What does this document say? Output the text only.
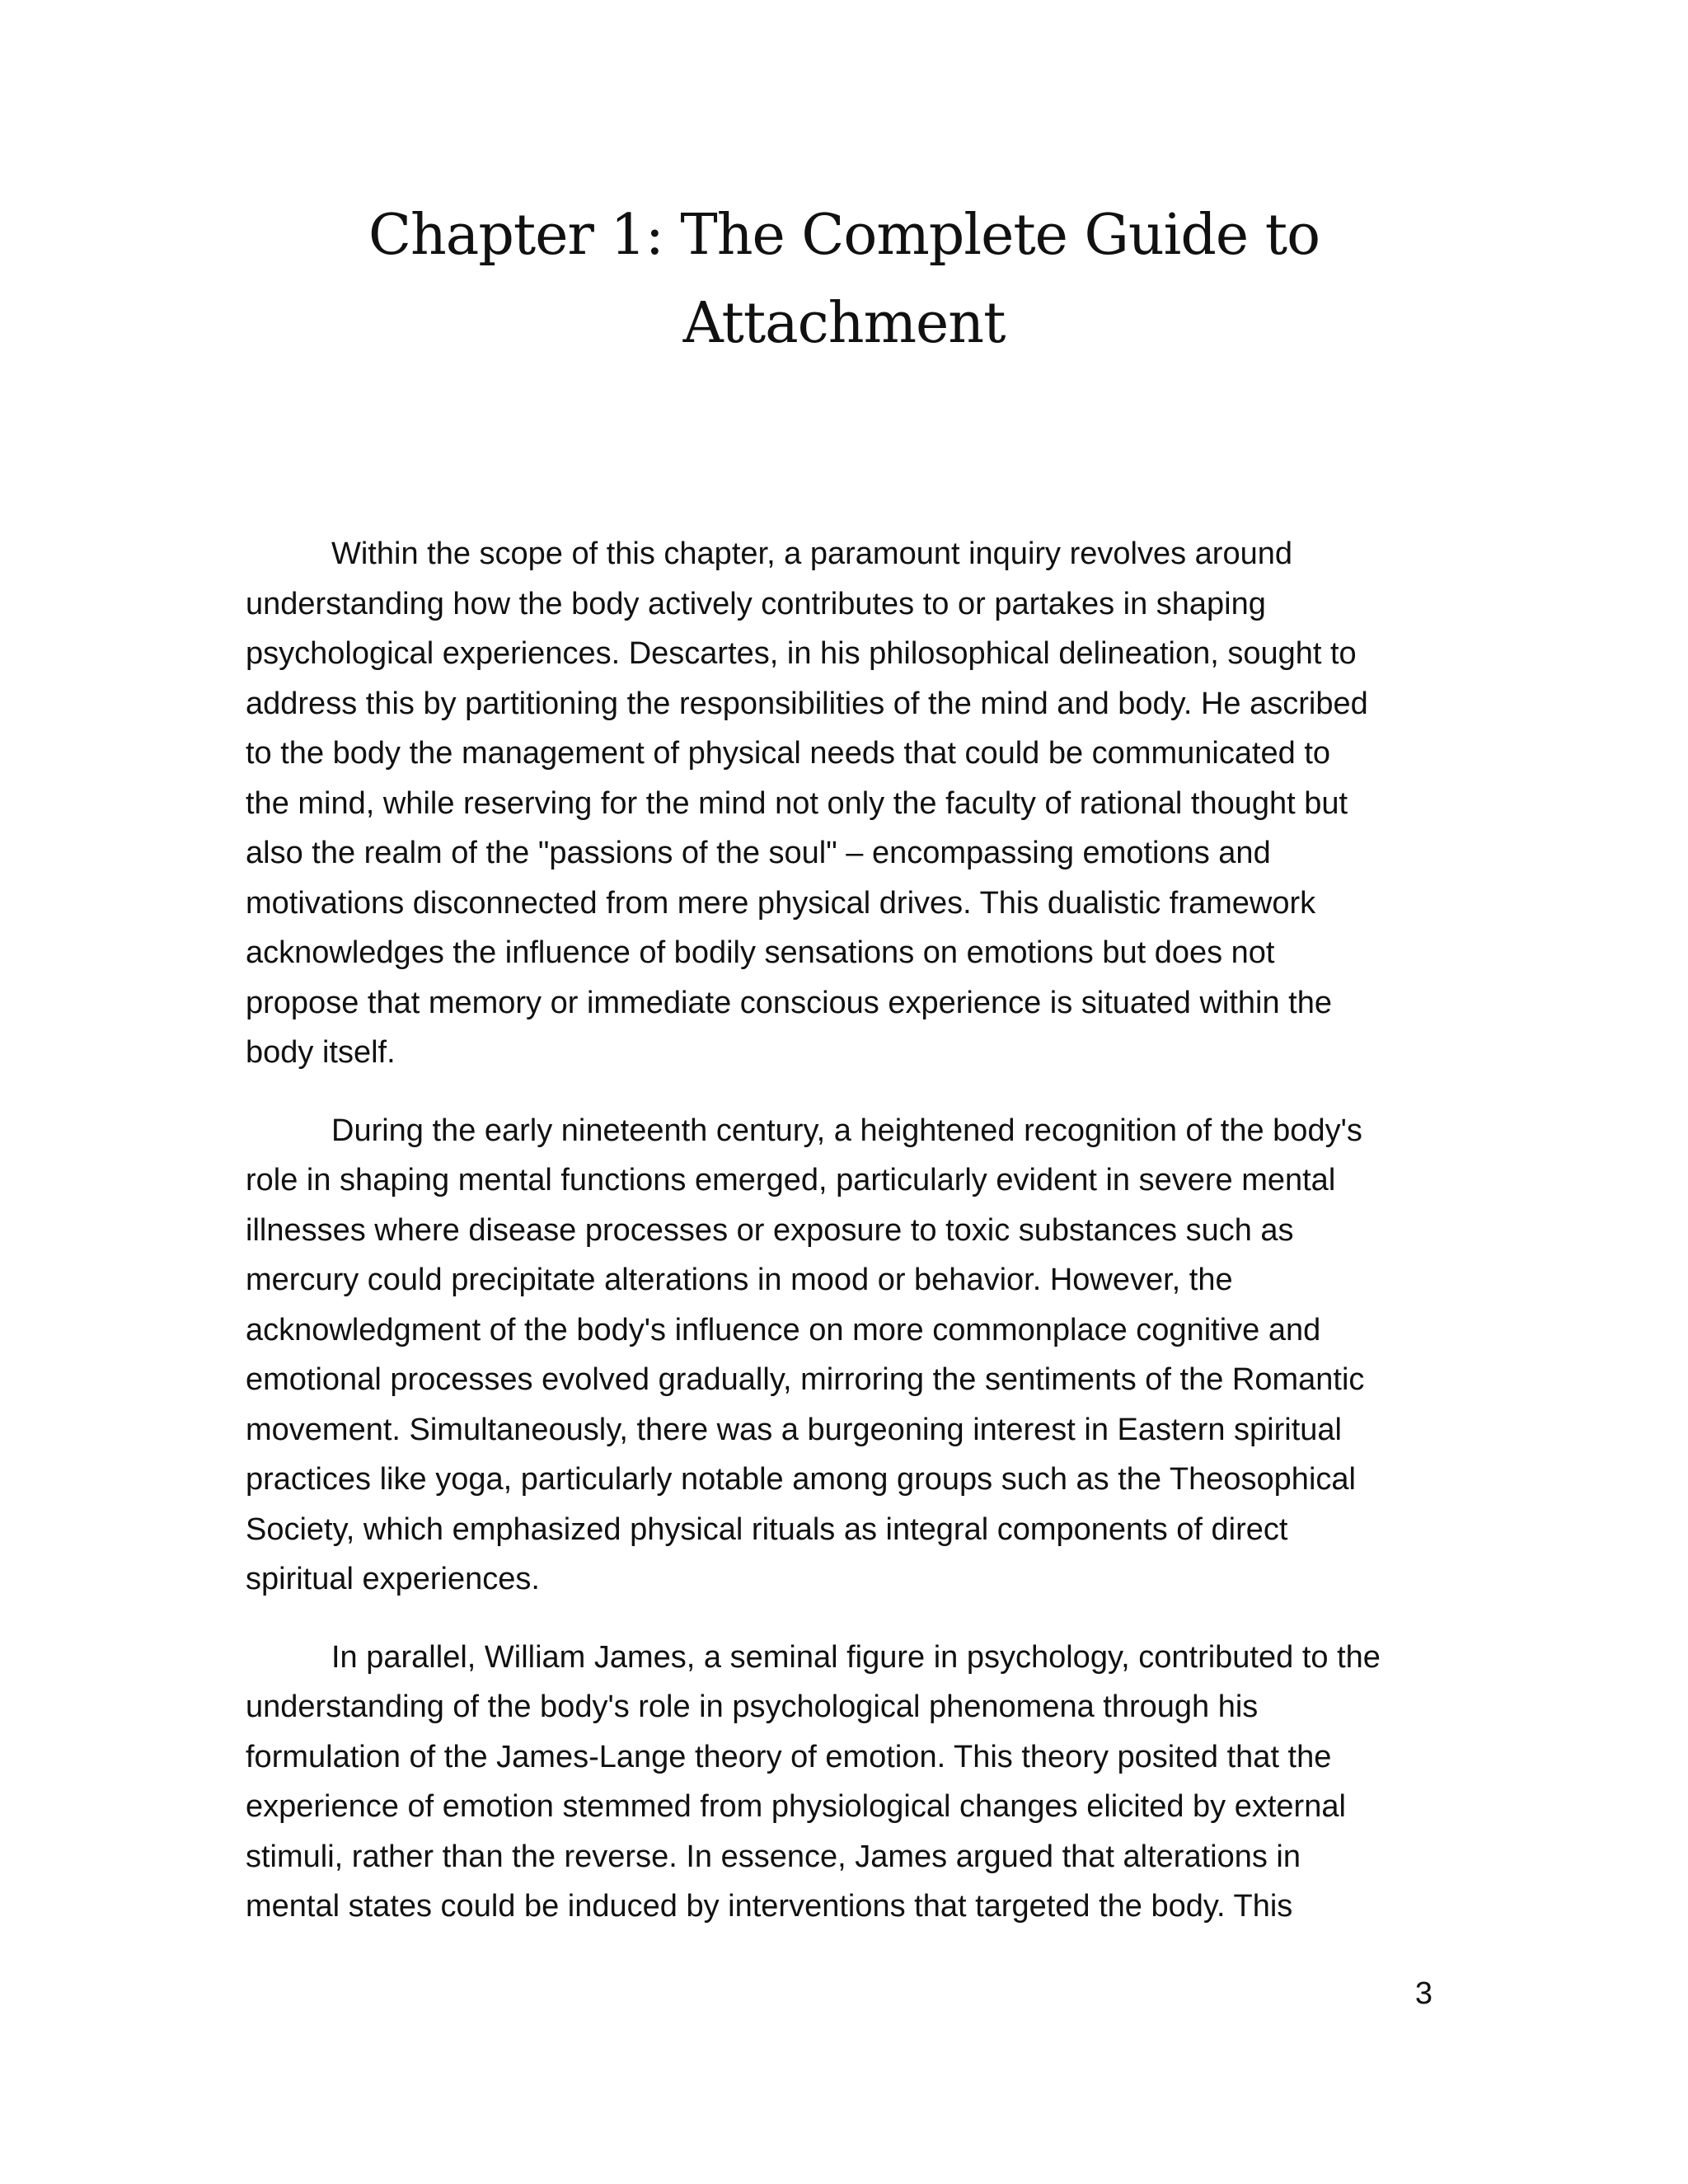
Chapter 1: The Complete Guide to
Attachment

Within the scope of this chapter, a paramount inquiry revolves around
understanding how the body actively contributes to or partakes in shaping
psychological experiences. Descartes, in his philosophical delineation, sought to
address this by partitioning the responsibilities of the mind and body. He ascribed
to the body the management of physical needs that could be communicated to
the mind, while reserving for the mind not only the faculty of rational thought but
also the realm of the "passions of the soul" – encompassing emotions and
motivations disconnected from mere physical drives. This dualistic framework
acknowledges the influence of bodily sensations on emotions but does not
propose that memory or immediate conscious experience is situated within the
body itself.

During the early nineteenth century, a heightened recognition of the body's
role in shaping mental functions emerged, particularly evident in severe mental
illnesses where disease processes or exposure to toxic substances such as
mercury could precipitate alterations in mood or behavior. However, the
acknowledgment of the body's influence on more commonplace cognitive and
emotional processes evolved gradually, mirroring the sentiments of the Romantic
movement. Simultaneously, there was a burgeoning interest in Eastern spiritual
practices like yoga, particularly notable among groups such as the Theosophical
Society, which emphasized physical rituals as integral components of direct
spiritual experiences.

In parallel, William James, a seminal figure in psychology, contributed to the
understanding of the body's role in psychological phenomena through his
formulation of the James-Lange theory of emotion. This theory posited that the
experience of emotion stemmed from physiological changes elicited by external
stimuli, rather than the reverse. In essence, James argued that alterations in
mental states could be induced by interventions that targeted the body. This

3
